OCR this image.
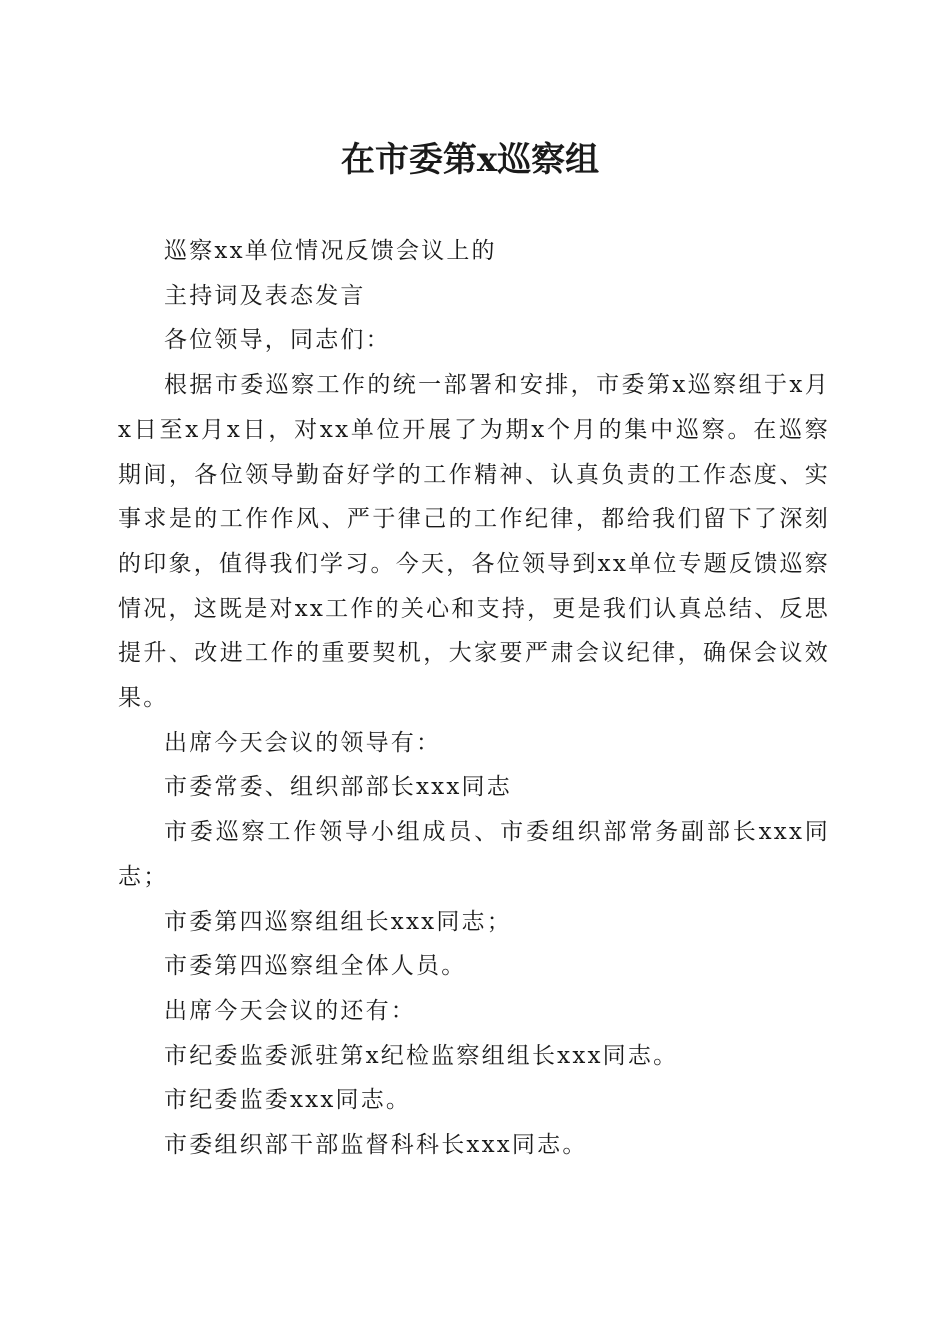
在市委第x巡察组

巡察xx单位情况反馈会议上的

主持词及表态发言

各位领导，同志们：

根据市委巡察工作的统一部署和安排，市委第x巡察组于x月x日至x月x日，对xx单位开展了为期x个月的集中巡察。在巡察期间，各位领导勤奋好学的工作精神、认真负责的工作态度、实事求是的工作作风、严于律己的工作纪律，都给我们留下了深刻的印象，值得我们学习。今天，各位领导到xx单位专题反馈巡察情况，这既是对xx工作的关心和支持，更是我们认真总结、反思提升、改进工作的重要契机，大家要严肃会议纪律，确保会议效果。

出席今天会议的领导有：

市委常委、组织部部长xxx同志

市委巡察工作领导小组成员、市委组织部常务副部长xxx同志；

市委第四巡察组组长xxx同志；

市委第四巡察组全体人员。

出席今天会议的还有：

市纪委监委派驻第x纪检监察组组长xxx同志。

市纪委监委xxx同志。

市委组织部干部监督科科长xxx同志。
